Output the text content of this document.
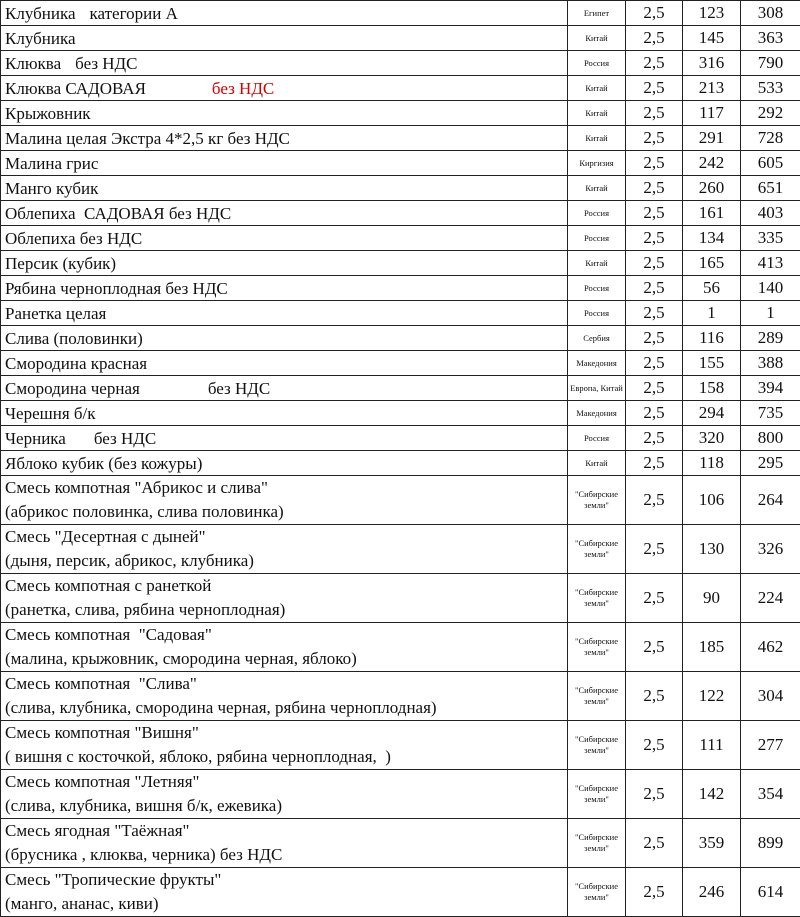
Клубника категории А	Египет	2,5	123	308
Клубника	Китай	2,5	145	363
Клюква без НДС	Россия	2,5	316	790
Клюква САДОВАЯ без НДС	Китай	2,5	213	533
Крыжовник	Китай	2,5	117	292
Малина целая Экстра 4*2,5 кг без НДС	Китай	2,5	291	728
Малина грис	Киргизия	2,5	242	605
Манго кубик	Китай	2,5	260	651
Облепиха  САДОВАЯ без НДС	Россия	2,5	161	403
Облепиха без НДС	Россия	2,5	134	335
Персик (кубик)	Китай	2,5	165	413
Рябина черноплодная без НДС	Россия	2,5	56	140
Ранетка целая	Россия	2,5	1	1
Слива (половинки)	Сербия	2,5	116	289
Смородина красная	Македония	2,5	155	388
Смородина черная без НДС	Европа, Китай	2,5	158	394
Черешня б/к	Македония	2,5	294	735
Черника без НДС	Россия	2,5	320	800
Яблоко кубик (без кожуры)	Китай	2,5	118	295

Смесь компотная "Абрикос и слива"
(абрикос половинка, слива половинка)	"Сибирские земли"	2,5	106	264

Смесь "Десертная с дыней"
(дыня, персик, абрикос, клубника)	"Сибирские земли"	2,5	130	326

Смесь компотная с ранеткой
(ранетка, слива, рябина черноплодная)	"Сибирские земли"	2,5	90	224

Смесь компотная  "Садовая"
(малина, крыжовник, смородина черная, яблоко)	"Сибирские земли"	2,5	185	462

Смесь компотная  "Слива"
(слива, клубника, смородина черная, рябина черноплодная)	"Сибирские земли"	2,5	122	304

Смесь компотная "Вишня"
( вишня с косточкой, яблоко, рябина черноплодная,  )	"Сибирские земли"	2,5	111	277

Смесь компотная "Летняя"
(слива, клубника, вишня б/к, ежевика)	"Сибирские земли"	2,5	142	354

Смесь ягодная "Таёжная"
(брусника , клюква, черника) без НДС	"Сибирские земли"	2,5	359	899

Смесь "Тропические фрукты"
(манго, ананас, киви)	"Сибирские земли"	2,5	246	614
